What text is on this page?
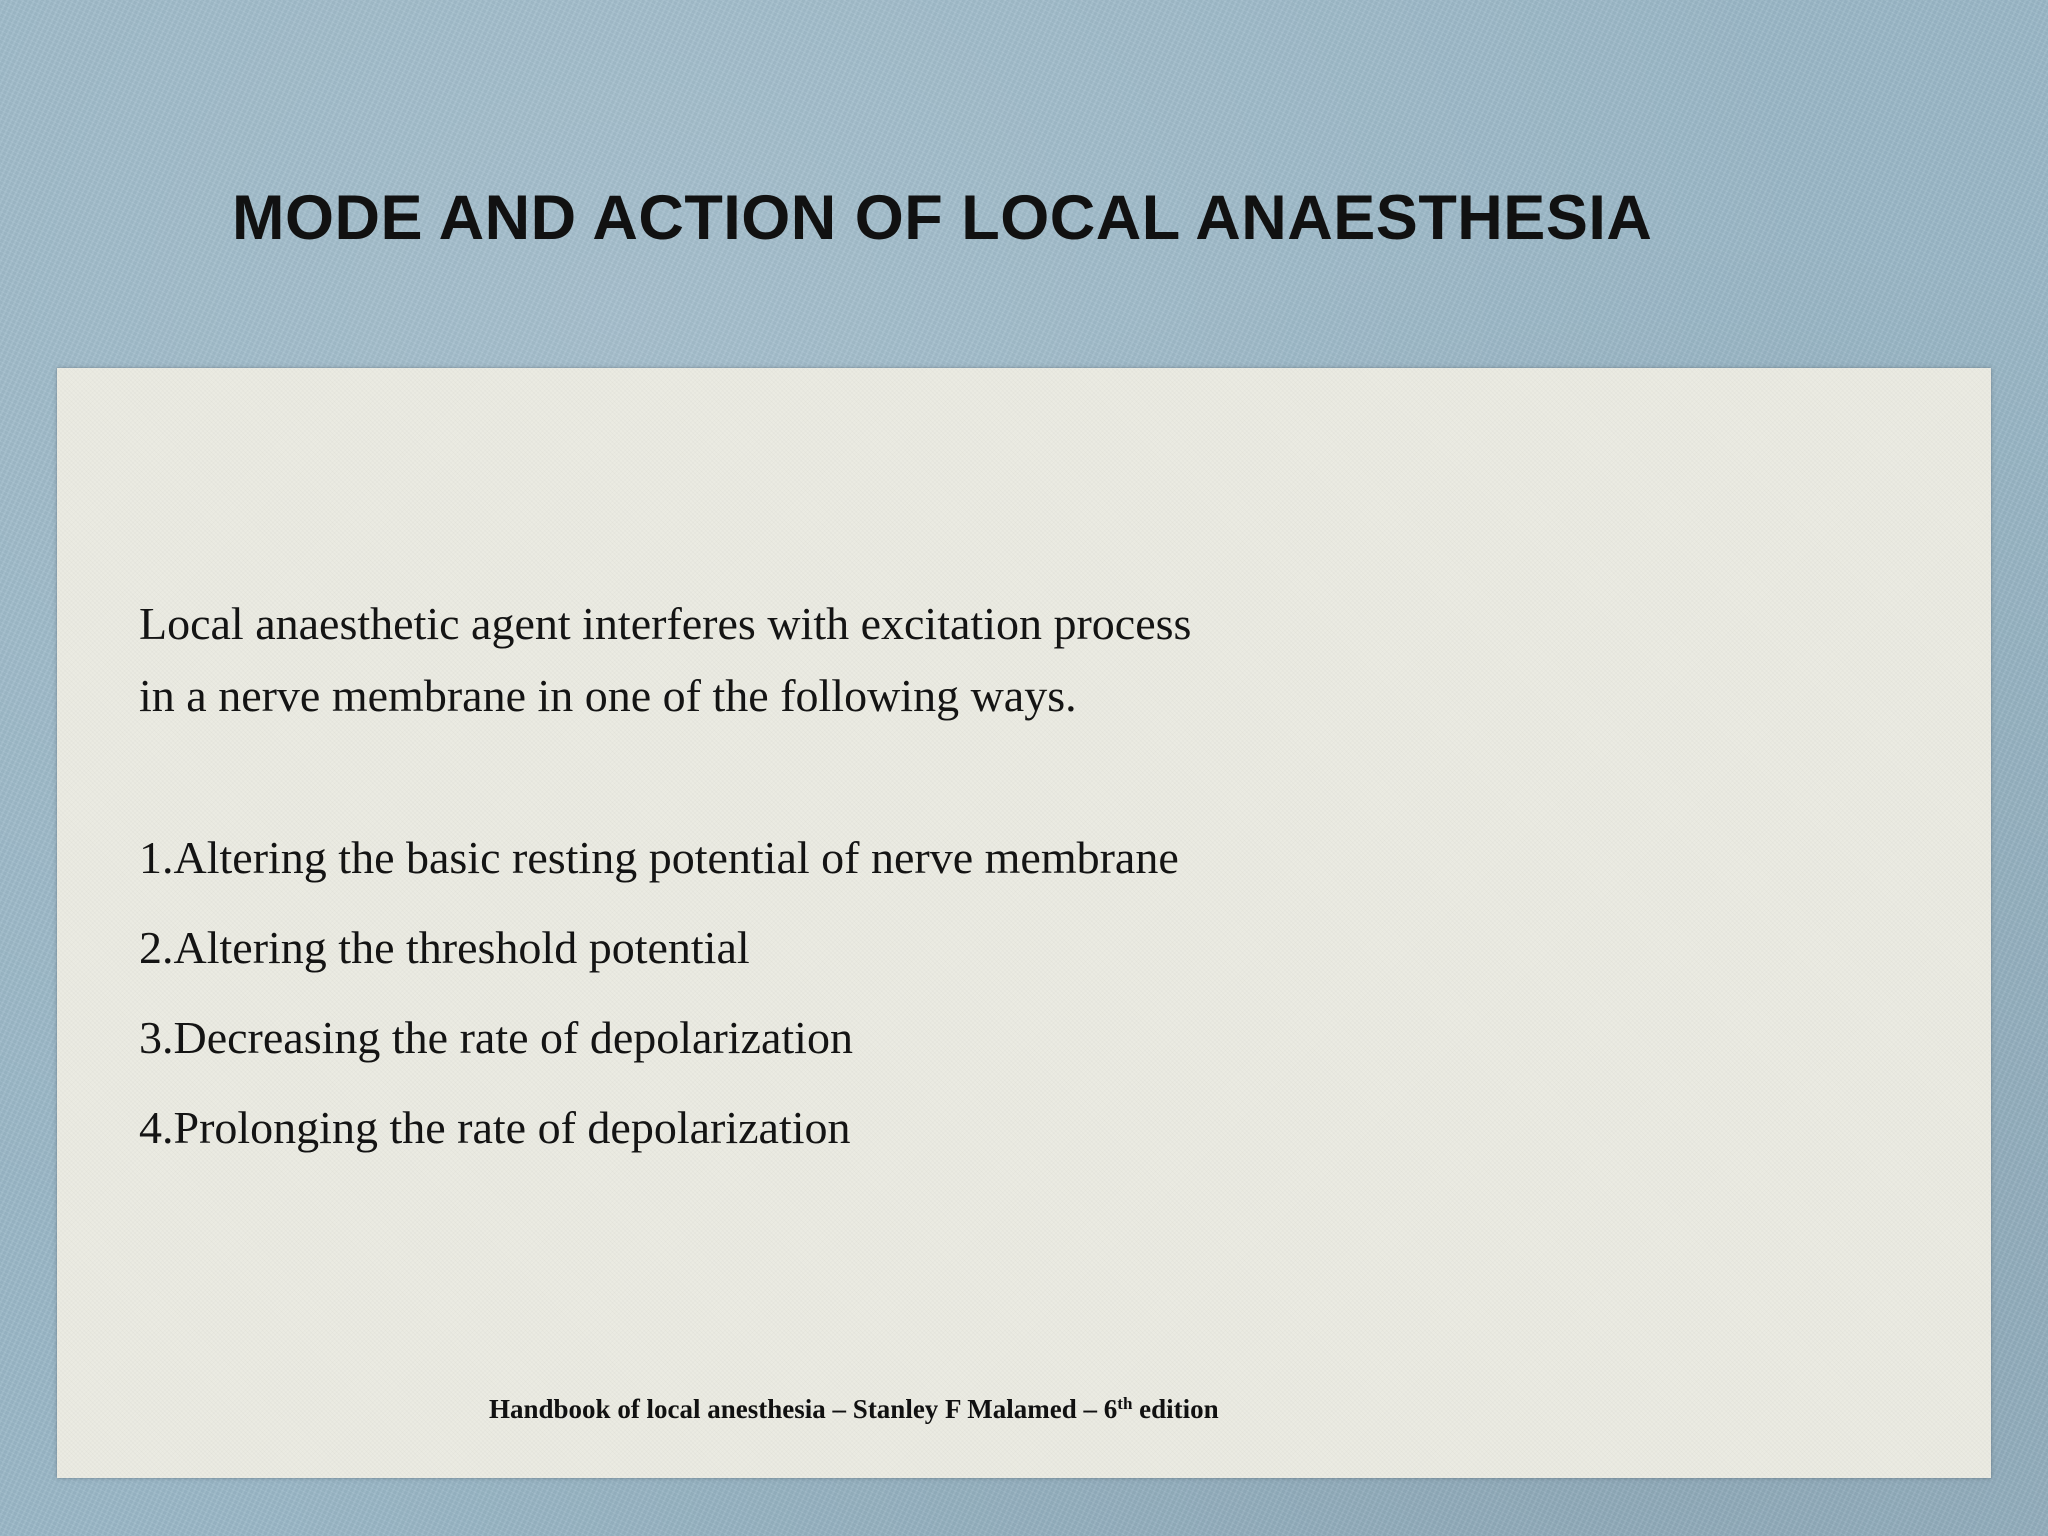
MODE AND ACTION OF LOCAL ANAESTHESIA

Local anaesthetic agent interferes with excitation process
in a nerve membrane in one of the following ways.

1.Altering the basic resting potential of nerve membrane
2.Altering the threshold potential
3.Decreasing the rate of depolarization
4.Prolonging the rate of depolarization

Handbook of local anesthesia – Stanley F Malamed – 6th edition
